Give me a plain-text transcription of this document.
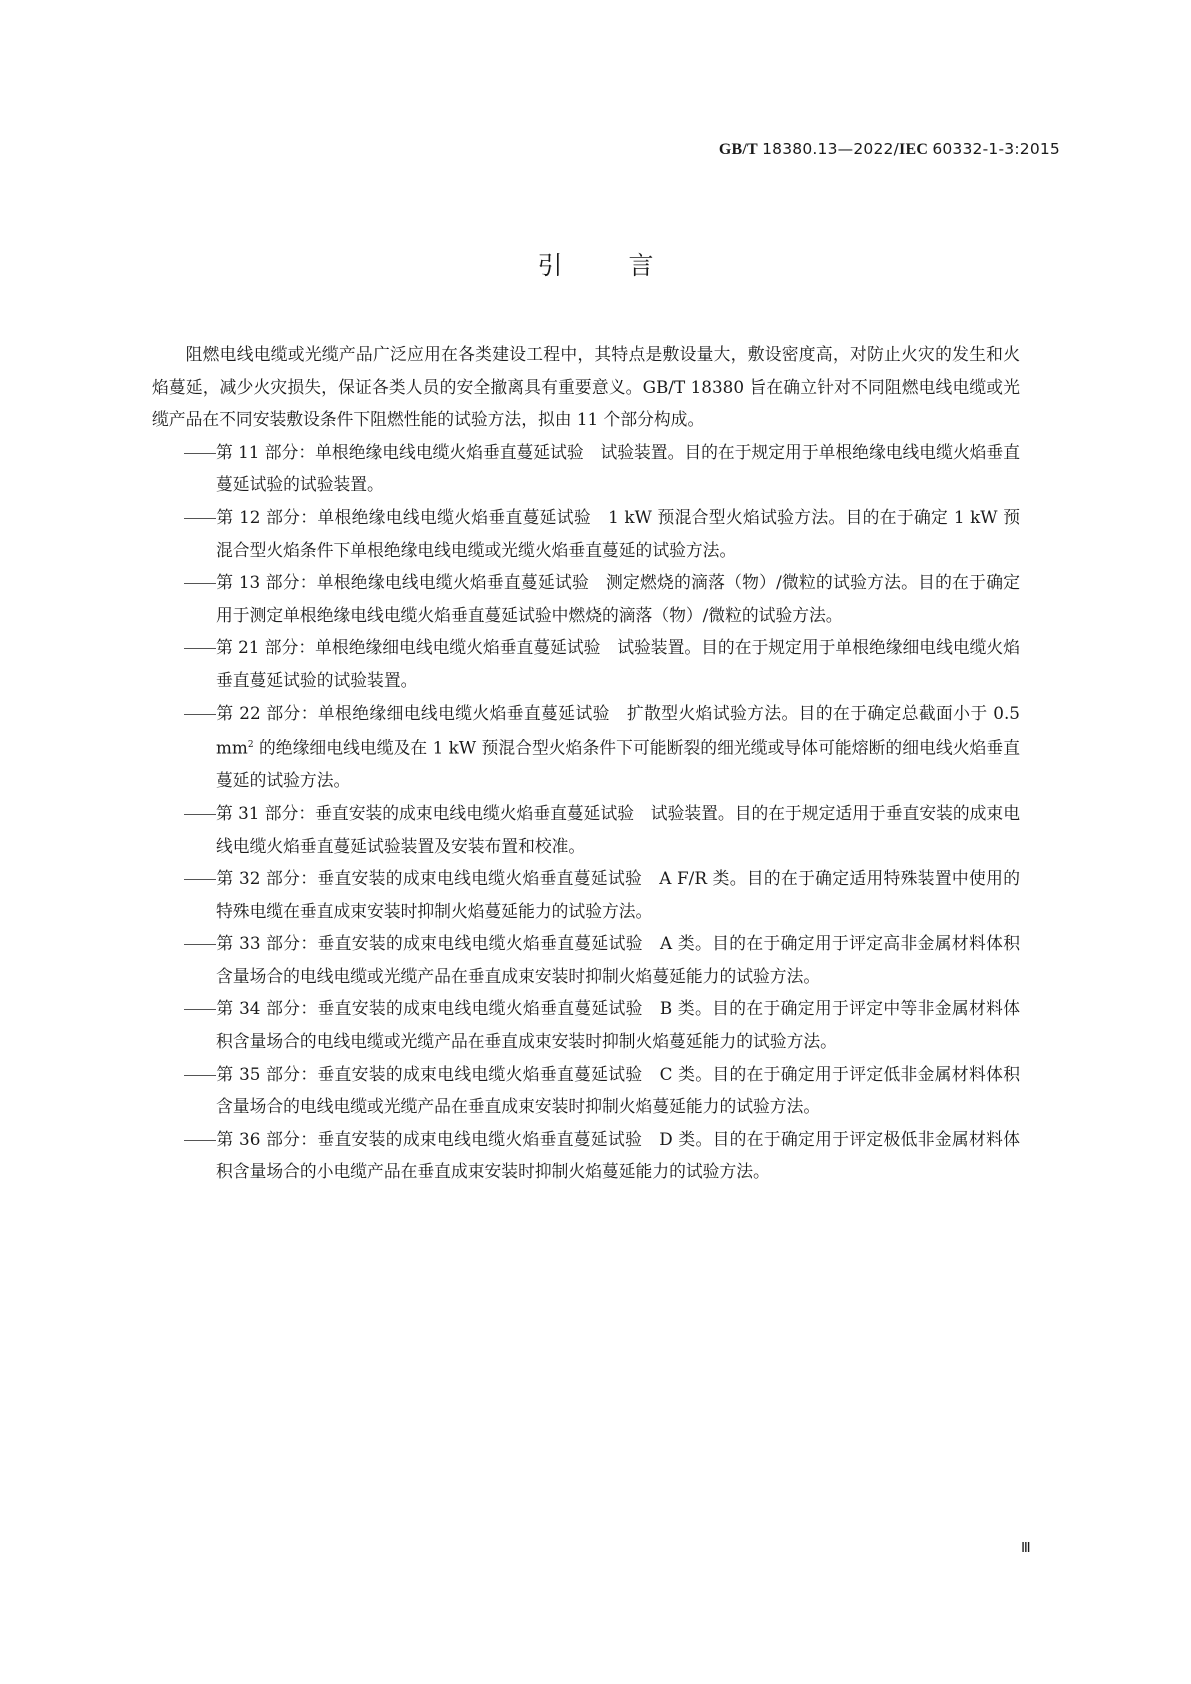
GB/T 18380.13—2022/IEC 60332-1-3:2015
引言

阻燃电线电缆或光缆产品广泛应用在各类建设工程中，其特点是敷设量大，敷设密度高，对防止火灾的发生和火焰蔓延，减少火灾损失，保证各类人员的安全撤离具有重要意义。GB/T 18380 旨在确立针对不同阻燃电线电缆或光缆产品在不同安装敷设条件下阻燃性能的试验方法，拟由 11 个部分构成。

第 11 部分：单根绝缘电线电缆火焰垂直蔓延试验　试验装置。目的在于规定用于单根绝缘电线电缆火焰垂直蔓延试验的试验装置。

第 12 部分：单根绝缘电线电缆火焰垂直蔓延试验　1 kW 预混合型火焰试验方法。目的在于确定 1 kW 预混合型火焰条件下单根绝缘电线电缆或光缆火焰垂直蔓延的试验方法。

第 13 部分：单根绝缘电线电缆火焰垂直蔓延试验　测定燃烧的滴落（物）/微粒的试验方法。目的在于确定用于测定单根绝缘电线电缆火焰垂直蔓延试验中燃烧的滴落（物）/微粒的试验方法。

第 21 部分：单根绝缘细电线电缆火焰垂直蔓延试验　试验装置。目的在于规定用于单根绝缘细电线电缆火焰垂直蔓延试验的试验装置。

第 22 部分：单根绝缘细电线电缆火焰垂直蔓延试验　扩散型火焰试验方法。目的在于确定总截面小于 0.5 $mm^2$ 的绝缘细电线电缆及在 1 kW 预混合型火焰条件下可能断裂的细光缆或导体可能熔断的细电线火焰垂直蔓延的试验方法。

第 31 部分：垂直安装的成束电线电缆火焰垂直蔓延试验　试验装置。目的在于规定适用于垂直安装的成束电线电缆火焰垂直蔓延试验装置及安装布置和校准。

第 32 部分：垂直安装的成束电线电缆火焰垂直蔓延试验　A F/R 类。目的在于确定适用特殊装置中使用的特殊电缆在垂直成束安装时抑制火焰蔓延能力的试验方法。

第 33 部分：垂直安装的成束电线电缆火焰垂直蔓延试验　A 类。目的在于确定用于评定高非金属材料体积含量场合的电线电缆或光缆产品在垂直成束安装时抑制火焰蔓延能力的试验方法。

第 34 部分：垂直安装的成束电线电缆火焰垂直蔓延试验　B 类。目的在于确定用于评定中等非金属材料体积含量场合的电线电缆或光缆产品在垂直成束安装时抑制火焰蔓延能力的试验方法。

第 35 部分：垂直安装的成束电线电缆火焰垂直蔓延试验　C 类。目的在于确定用于评定低非金属材料体积含量场合的电线电缆或光缆产品在垂直成束安装时抑制火焰蔓延能力的试验方法。

第 36 部分：垂直安装的成束电线电缆火焰垂直蔓延试验　D 类。目的在于确定用于评定极低非金属材料体积含量场合的小电缆产品在垂直成束安装时抑制火焰蔓延能力的试验方法。

Ⅲ
